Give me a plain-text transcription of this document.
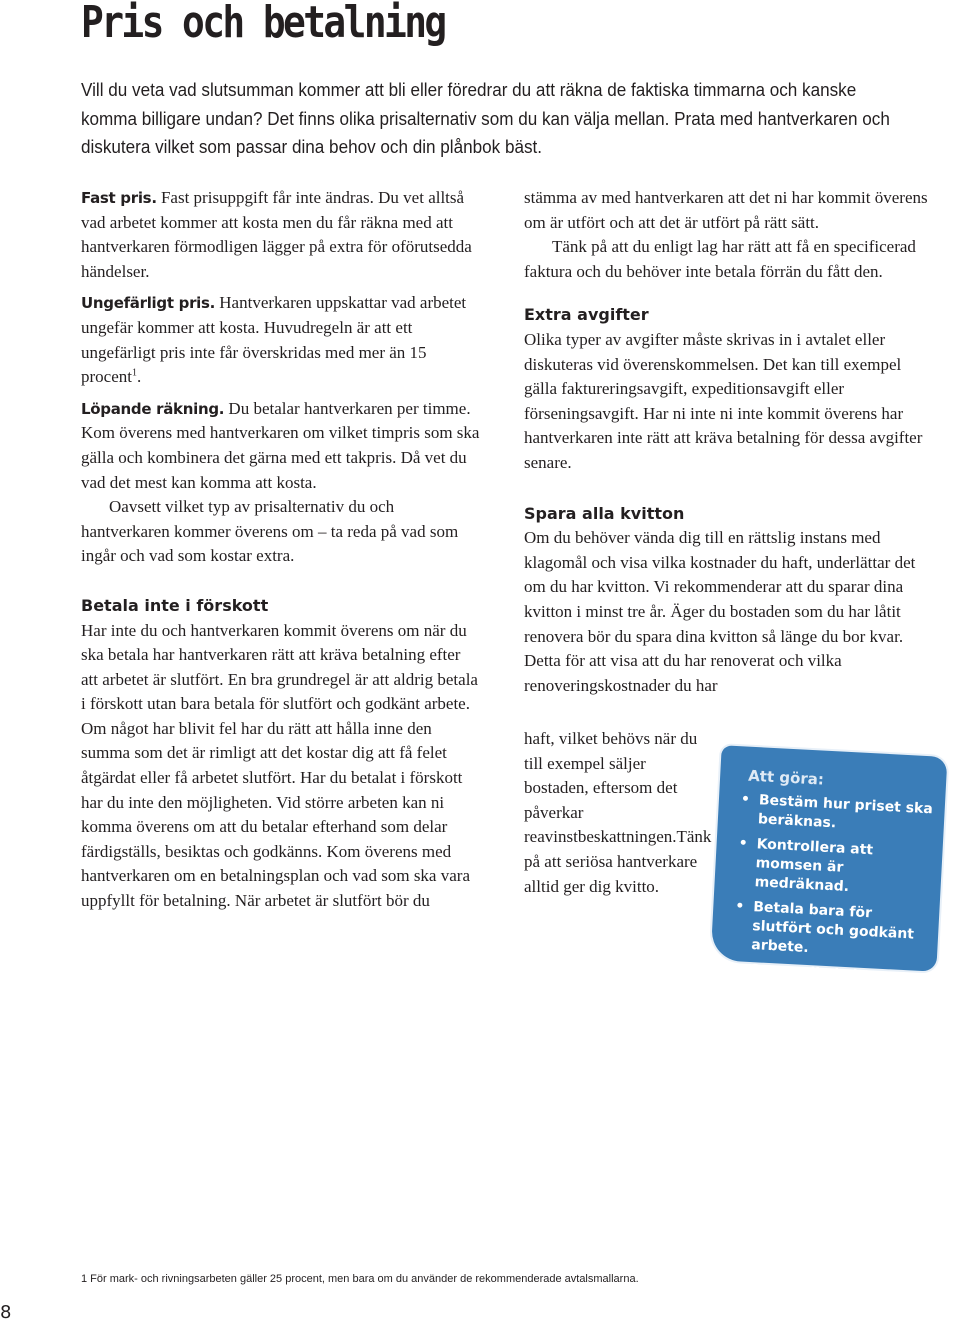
Pris och betalning

Vill du veta vad slutsumman kommer att bli eller föredrar du att räkna de faktiska timmarna och kanske komma billigare undan? Det finns olika prisalternativ som du kan välja mellan. Prata med hantverkaren och diskutera vilket som passar dina behov och din plånbok bäst.

Fast pris. Fast prisuppgift får inte ändras. Du vet alltså vad arbetet kommer att kosta men du får räkna med att hantverkaren förmodligen lägger på extra för oförutsedda händelser.

Ungefärligt pris. Hantverkaren uppskattar vad arbetet ungefär kommer att kosta. Huvudregeln är att ett ungefärligt pris inte får överskridas med mer än 15 procent$^1$.

Löpande räkning. Du betalar hantverkaren per timme. Kom överens med hantverkaren om vilket timpris som ska gälla och kombinera det gärna med ett takpris. Då vet du vad det mest kan komma att kosta.

Oavsett vilket typ av prisalternativ du och hantverkaren kommer överens om – ta reda på vad som ingår och vad som kostar extra.

Betala inte i förskott

Har inte du och hantverkaren kommit överens om när du ska betala har hantverkaren rätt att kräva betalning efter att arbetet är slutfört. En bra grundregel är att aldrig betala i förskott utan bara betala för slutfört och godkänt arbete. Om något har blivit fel har du rätt att hålla inne den summa som det är rimligt att det kostar dig att få felet åtgärdat eller få arbetet slutfört. Har du betalat i förskott har du inte den möjligheten. Vid större arbeten kan ni komma överens om att du betalar efterhand som delar färdigställs, besiktas och godkänns. Kom överens med hantverkaren om en betalningsplan och vad som ska vara uppfyllt för betalning. När arbetet är slutfört bör du

stämma av med hantverkaren att det ni har kommit överens om är utfört och att det är utfört på rätt sätt.

Tänk på att du enligt lag har rätt att få en specificerad faktura och du behöver inte betala förrän du fått den.

Extra avgifter

Olika typer av avgifter måste skrivas in i avtalet eller diskuteras vid överenskommelsen. Det kan till exempel gälla faktureringsavgift, expeditionsavgift eller förseningsavgift. Har ni inte ni inte kommit överens har hantverkaren inte rätt att kräva betalning för dessa avgifter senare.

Spara alla kvitton

Om du behöver vända dig till en rättslig instans med klagomål och visa vilka kostnader du haft, underlättar det om du har kvitton. Vi rekommenderar att du sparar dina kvitton i minst tre år. Äger du bostaden som du har låtit renovera bör du spara dina kvitton så länge du bor kvar. Detta för att visa att du har renoverat och vilka renoveringskostnader du har

haft, vilket behövs när du till exempel säljer bostaden, eftersom det påverkar reavinstbeskattningen.Tänk på att seriösa hantverkare alltid ger dig kvitto.

Att göra:
• Bestäm hur priset ska beräknas.
• Kontrollera att momsen är medräknad.
• Betala bara för slutfört och godkänt arbete.
• Spara alla kvitton.

1 För mark- och rivningsarbeten gäller 25 procent, men bara om du använder de rekommenderade avtalsmallarna.

8
